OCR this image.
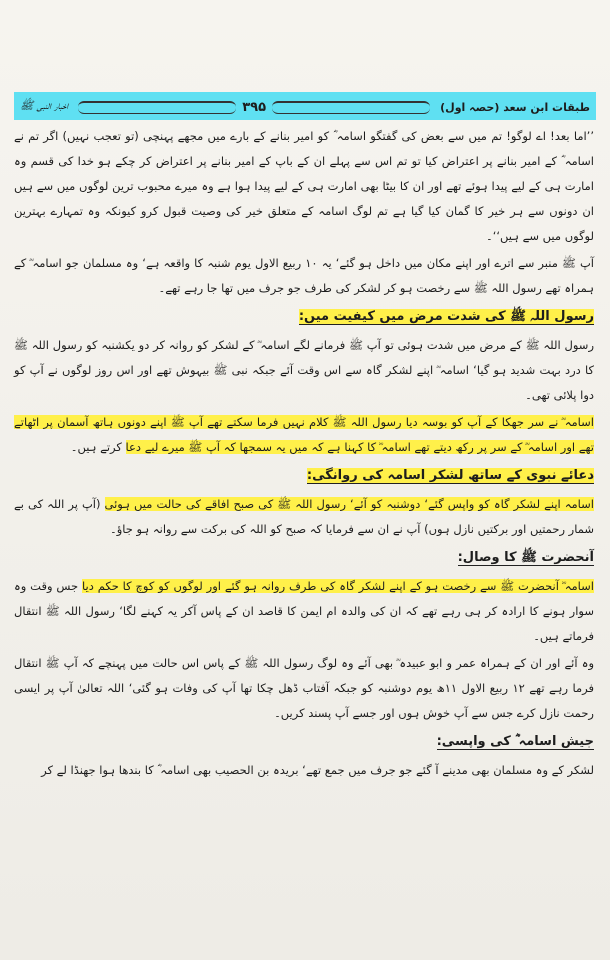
طبقات ابن سعد (حصہ اول)
۳۹۵
اخبار النبی ﷺ

’’اما بعد! اے لوگو! تم میں سے بعض کی گفتگو اسامہ ؓ کو امیر بنانے کے بارے میں مجھے پہنچی (تو تعجب نہیں) اگر تم نے اسامہ ؓ کے امیر بنانے پر اعتراض کیا تو تم اس سے پہلے ان کے باپ کے امیر بنانے پر اعتراض کر چکے ہو خدا کی قسم وہ امارت ہی کے لیے پیدا ہوئے تھے اور ان کا بیٹا بھی امارت ہی کے لیے پیدا ہوا ہے وہ میرے محبوب ترین لوگوں میں سے ہیں ان دونوں سے ہر خیر کا گمان کیا گیا ہے تم لوگ اسامہ کے متعلق خیر کی وصیت قبول کرو کیونکہ وہ تمہارے بہترین لوگوں میں سے ہیں‘‘۔

آپ ﷺ منبر سے اترے اور اپنے مکان میں داخل ہو گئے‘ یہ ۱۰ ربیع الاول یوم شنبہ کا واقعہ ہے‘ وہ مسلمان جو اسامہ ؓ کے ہمراہ تھے رسول اللہ ﷺ سے رخصت ہو کر لشکر کی طرف جو جرف میں تھا جا رہے تھے۔

رسول اللہ ﷺ کی شدت مرض میں کیفیت میں:

رسول اللہ ﷺ کے مرض میں شدت ہوئی تو آپ ﷺ فرمانے لگے اسامہ ؓ کے لشکر کو روانہ کر دو یکشنبہ کو رسول اللہ ﷺ کا درد بہت شدید ہو گیا‘ اسامہ ؓ اپنے لشکر گاہ سے اس وقت آئے جبکہ نبی ﷺ بیہوش تھے اور اس روز لوگوں نے آپ کو دوا پلائی تھی۔

اسامہ ؓ نے سر جھکا کے آپ کو بوسہ دیا رسول اللہ ﷺ کلام نہیں فرما سکتے تھے آپ ﷺ اپنے دونوں ہاتھ آسمان پر اٹھاتے تھے اور اسامہ ؓ کے سر پر رکھ دیتے تھے اسامہ ؓ کا کہنا ہے کہ میں یہ سمجھا کہ آپ ﷺ میرے لیے دعا کرتے ہیں۔

دعائے نبوی کے ساتھ لشکر اسامہ کی روانگی:

اسامہ اپنے لشکر گاہ کو واپس گئے‘ دوشنبہ کو آئے‘ رسول اللہ ﷺ کی صبح افاقے کی حالت میں ہوئی (آپ پر اللہ کی بے شمار رحمتیں اور برکتیں نازل ہوں) آپ نے ان سے فرمایا کہ صبح کو اللہ کی برکت سے روانہ ہو جاؤ۔

آنحضرت ﷺ کا وصال:

اسامہ ؓ آنحضرت ﷺ سے رخصت ہو کے اپنے لشکر گاہ کی طرف روانہ ہو گئے اور لوگوں کو کوچ کا حکم دیا جس وقت وہ سوار ہونے کا ارادہ کر ہی رہے تھے کہ ان کی والدہ ام ایمن کا قاصد ان کے پاس آکر یہ کہنے لگا‘ رسول اللہ ﷺ انتقال فرماتے ہیں۔

وہ آئے اور ان کے ہمراہ عمر و ابو عبیدہ ؓ بھی آئے وہ لوگ رسول اللہ ﷺ کے پاس اس حالت میں پہنچے کہ آپ ﷺ انتقال فرما رہے تھے ۱۲ ربیع الاول ۱۱ھ یوم دوشنبہ کو جبکہ آفتاب ڈھل چکا تھا آپ کی وفات ہو گئی‘ اللہ تعالیٰ آپ پر ایسی رحمت نازل کرے جس سے آپ خوش ہوں اور جسے آپ پسند کریں۔

جیش اسامہ ؓ کی واپسی:

لشکر کے وہ مسلمان بھی مدینے آ گئے جو جرف میں جمع تھے‘ بریدہ بن الحصیب بھی اسامہ ؓ کا بندھا ہوا جھنڈا لے کر
